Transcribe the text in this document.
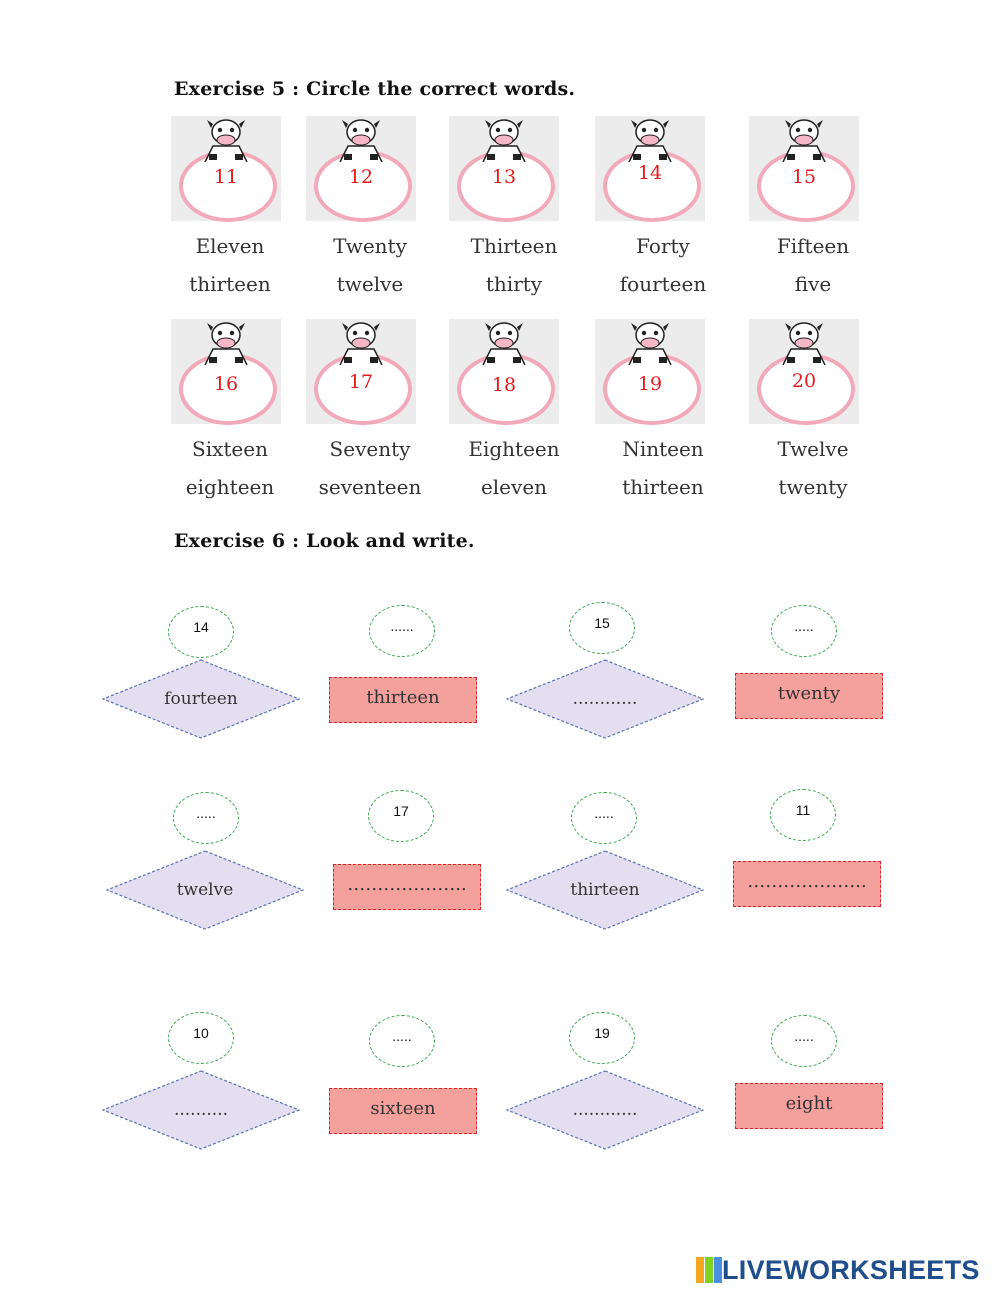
Exercise 5 : Circle the correct words.
11	12	13	14	15
Eleven
thirteen
Twenty
twelve
Thirteen
thirty
Forty
fourteen
Fifteen
five
16	17	18	19	20
Sixteen
eighteen
Seventy
seventeen
Eighteen
eleven
Nintееn
thirteen
Twelve
twenty
Exercise 6 : Look and write.
14
fourteen
......
thirteen
15
............
.....
twenty
.....
twelve
17
………………..
.....
thirteen
11
………………..
10
..........
.....
sixteen
19
............
.....
eight
LIVEWORKSHEETS
